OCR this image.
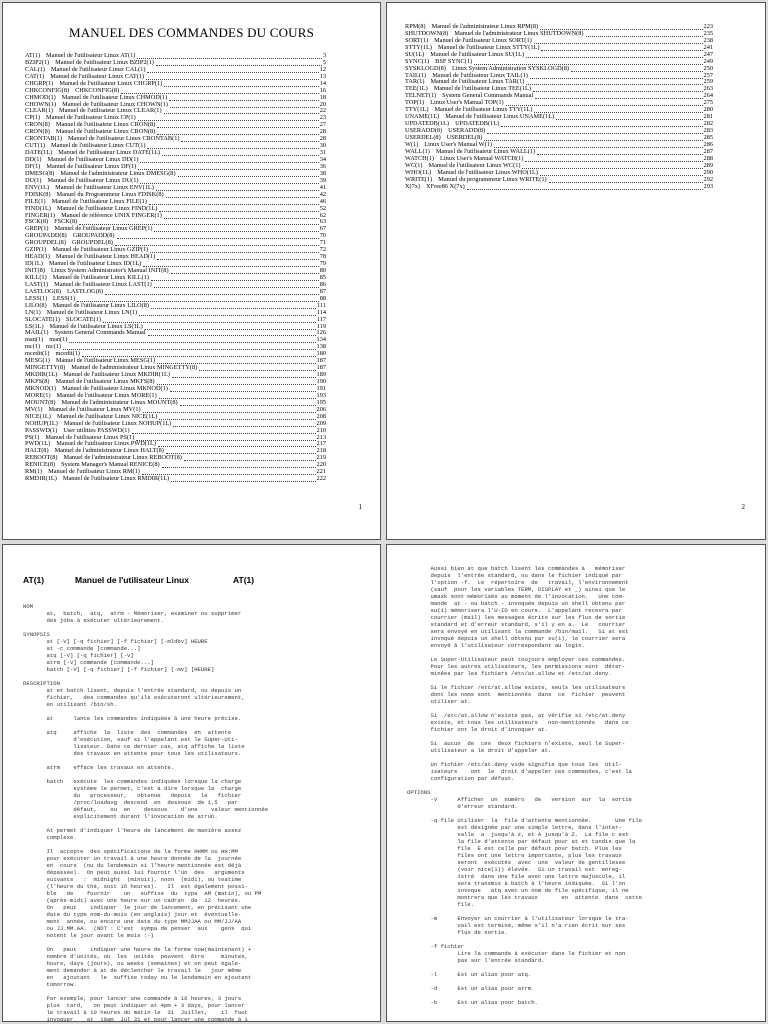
MANUEL DES COMMANDES DU COURS
AT(1) Manuel de l'utilisateur Linux AT(1)	3
BZIP2(1) Manuel de l'utilisateur Linux BZIP2(1)	5
CAL(1) Manuel de l'utilisateur Linux CAL(1)	12
CAT(1) Manuel de l'utilisateur Linux CAT(1)	13
CHGRP(1) Manuel de l'utilisateur Linux CHGRP(1)	14
CHKCONFIG(8) CHKCONFIG(8)	16
CHMOD(1) Manuel de l'utilisateur Linux CHMOD(1)	18
CHOWN(1) Manuel de l'utilisateur Linux CHOWN(1)	20
CLEAR(1) Manuel de l'utilisateur Linux CLEAR(1)	22
CP(1) Manuel de l'utilisateur Linux CP(1)	23
CRON(8) Manuel de l'utilisateur Linux CRON(8)	27
CRON(8) Manuel de l'utilisateur Linux CRON(8)	28
CRONTAB(1) Manuel de l'utilisateur Linux CRONTAB(1)	28
CUT(1) Manuel de l'utilisateur Linux CUT(1)	30
DATE(1L) Manuel de l'utilisateur Linux DATE(1L)	31
DD(1) Manuel de l'utilisateur Linux DD(1)	34
DF(1) Manuel de l'utilisateur Linux DF(1)	36
DMESG(8) Manuel de l'administrateur Linux DMESG(8)	38
DU(1) Manuel de l'utilisateur Linux DU(1)	39
ENV(1L) Manuel de l'utilisateur Linux ENV(1L)	41
FDISK(8) Manuel du Programmeur Linux FDISK(8)	42
FILE(1) Manuel de l'utilisateur Linux FILE(1)	46
FIND(1L) Manuel de l'utilisateur Linux FIND(1L)	52
FINGER(1) Manuel de référence UNIX FINGER(1)	62
FSCK(8) FSCK(8)	63
GREP(1) Manuel de l'utilisateur Linux GREP(1)	67
GROUPADD(8) GROUPADD(8)	70
GROUPDEL(8) GROUPDEL(8)	71
GZIP(1) Manuel de l'utilisateur Linux GZIP(1)	72
HEAD(1) Manuel de l'utilisateur Linux HEAD(1)	78
ID(1L) Manuel de l'utilisateur Linux ID(1L)	79
INIT(8) Linux System Administrator's Manual INIT(8)	80
KILL(1) Manuel de l'utilisateur Linux KILL(1)	85
LAST(1) Manuel de l'utilisateur Linux LAST(1)	86
LASTLOG(8) LASTLOG(8)	87
LESS(1) LESS(1)	88
LILO(8) Manuel de l'utilisateur Linux LILO(8)	111
LN(1) Manuel de l'utilisateur Linux LN(1)	114
SLOCATE(1) SLOCATE(1)	117
LS(1L) Manuel de l'utilisateur Linux LS(1L)	119
MAIL(1) System General Commands Manual	126
man(1) man(1)	134
mc(1) mc(1)	138
mcedit(1) mcedit(1)	180
MESG(1) Manuel de l'utilisateur Linux MESG(1)	187
MINGETTY(8) Manuel de l'administrateur Linux MINGETTY(8)	187
MKDIR(1L) Manuel de l'utilisateur Linux MKDIR(1L)	189
MKFS(8) Manuel de l'utilisateur Linux MKFS(8)	190
MKNOD(1) Manuel de l'utilisateur Linux MKNOD(1)	191
MORE(1) Manuel de l'utilisateur Linux MORE(1)	193
MOUNT(8) Manuel de l'administrateur Linux MOUNT(8)	195
MV(1) Manuel de l'utilisateur Linux MV(1)	206
NICE(1L) Manuel de l'utilisateur Linux NICE(1L)	208
NOHUP(1L) Manuel de l'utilisateur Linux NOHUP(1L)	209
PASSWD(1) User utilities PASSWD(1)	210
PS(1) Manuel de l'utilisateur Linux PS(1)	213
PWD(1L) Manuel de l'utilisateur Linux PWD(1L)	217
HALT(8) Manuel de l'administrateur Linux HALT(8)	218
REBOOT(8) Manuel de l'administrateur Linux REBOOT(8)	219
RENICE(8) System Manager's Manual RENICE(8)	220
RM(1) Manuel de l'utilisateur Linux RM(1)	221
RMDIR(1L) Manuel de l'utilisateur Linux RMDIR(1L)	222
1
RPM(8) Manuel de l'administrateur Linux RPM(8)	223
SHUTDOWN(8) Manuel de l'administrateur Linux SHUTDOWN(8)	235
SORT(1) Manuel de l'utilisateur Linux SORT(1)	238
STTY(1L) Manuel de l'utilisateur Linux STTY(1L)	241
SU(1L) Manuel de l'utilisateur Linux SU(1L)	247
SYNC(1) BSF SYNC(1)	249
SYSKLOGD(8) Linux System Administration SYSKLOGD(8)	250
TAIL(1) Manuel de l'utilisateur Linux TAIL(1)	257
TAR(1) Manuel de l'utilisateur Linux TAR(1)	259
TEE(1L) Manuel de l'utilisateur Linux TEE(1L)	263
TELNET(1) System General Commands Manual	264
TOP(1) Linux User's Manual TOP(1)	275
TTY(1L) Manuel de l'utilisateur Linux TTY(1L)	280
UNAME(1L) Manuel de l'utilisateur Linux UNAME(1L)	281
UPDATEDB(1L) UPDATEDB(1L)	282
USERADD(8) USERADD(8)	283
USERDEL(8) USERDEL(8)	285
W(1) Linux User's Manual W(1)	286
WALL(1) Manuel de l'utilisateur Linux WALL(1)	287
WATCH(1) Linux User's Manual WATCH(1)	288
WC(1) Manuel de l'utilisateur Linux WC(1)	289
WHO(1L) Manuel de l'utilisateur Linux WHO(1L)	290
WRITE(1) Manuel du programmeur Linux WRITE(1)	292
X(7x) XFree86 X(7x)	293
2
AT(1)	Manuel de l'utilisateur Linux	AT(1)
NOM
at,  batch,  atq,  atrm - Mémoriser, examiner ou supprimer
des jobs à exécuter ultérieurement.

SYNOPSIS
at [-V] [-q fichier] [-f fichier] [-mldbv] HEURE
at -c commande [commande...]
atq [-V] [-q fichier] [-v]
atrm [-V] commande [commande...]
batch [-V] [-q fichier] [-f fichier] [-mv] [HEURE]

DESCRIPTION
at et batch lisent, depuis l'entrée standard, ou depuis un
fichier,   des commandes qu'ils exécuteront ultérieurement,
en utilisant /bin/sh.

at      lance les commandes indiquées à une heure précise.

atq     affiche  la  liste  des  commandes  en  attente
d'exécution, sauf si l'appelant est le Super-Uti-
lisateur. Dans ce dernier cas, atq affiche la liste
des travaux en attente pour tous les utilisateurs.

atrm    efface les travaux en attente.

batch   exécute  les commandes indiquées lorsque la charge
système le permet, c'est à dire lorsque la  charge
du   processeur,   obtenue   depuis   le   fichier
/proc/loadavg  descend  en  dessous  de 1,5   par
défaut,    ou  en    dessous    d'une    valeur mentionnée
explicitement durant l'invocation de atrun.

At permet d'indiquer l'heure de lancement de manière assez
complexe.

Il  accepte  des spécifications de la forme HHMM ou HH:MM
pour exécuter un travail à une heure donnée de la  journée
en  cours  (ou du lendemain si l'heure mentionnée est déjà
dépassée).  On peut aussi lui fournir l'un  des   arguments
suivants   :  midnight  (minuit), noon  (midi), ou teatime
(l'heure du thé, soit 16 heures).   Il  est également possi-
ble   de    fournir    un   suffixe  du  type  AM (matin), ou PM
(après-midi) avec une heure sur un cadran  de  12  heures.
On   peut    indiquer  le jour de lancement, en précisant une
date du type nom-du-mois (en anglais) jour et  éventuelle-
ment  année, ou encore une date du type MMJJAA ou MM/JJ/AA
ou JJ.MM.AA.  (NDT : C'est  sympa de penser  aux    gens  qui
notent le jour avant le mois :-)

On   peut    indiquer une heure de la forme now(maintenant) +
nombre d'unités, où  les  unités  peuvent  être     minutes,
hours, days (jours), ou weeks (semaines) et on peut égale-
ment demander à at de déclencher le travail le   jour même
en   ajoutant   le  suffixe today ou le lendemain en ajoutant
tomorrow.

Par exemple, pour lancer une commande à 16 heures, 3 jours
plus  tard,   on peut indiquer at 4pm + 3 days, pour lancer
le travail à 10 heures du matin le  31  Juillet,    il  faut
invoquer    at  10am  Jul 31 et pour lancer une commande à 1
Aussi bien at que batch lisent les commandes à   mémoriser
depuis  l'entrée standard, ou dans le fichier indiqué par
l'option -f.  Le  répertoire  de   travail, l'environnement
(sauf  pour les variables TERM, DISPLAY et _) ainsi que le
umask sont mémorisés au moment de l'invocation.   Une com-
mande  at - ou batch - invoquée depuis un shell obtenu par
su(1) mémorisera l'U-ID en cours.  L'appelant recevra par
courrier (mail) les messages écrits sur les flux de sortie
standard et d'erreur standard, s'il y en a.  Le   courrier
sera envoyé en utilisant la commande /bin/mail.   Si at est
invoqué depuis un shell obtenu par su(1), le courrier sera
envoyé à l'utilisateur correspondant au login.

Le Super-Utilisateur peut toujours employer ces commandes.
Pour les autres utilisateurs, les permissions sont  déter-
minées par les fichiers /etc/at.allow et /etc/at.deny.

Si le fichier /etc/at.allow existe, seuls les utilisateurs
dont les noms sont  mentionnés  dans  ce  fichier  peuvent
utiliser at.

Si  /etc/at.allow n'existe pas, at vérifie si /etc/at.deny
existe, et tous les utilisateurs   non-mentionnés   dans ce
fichier ont le droit d'invoquer at.

Si  aucun  de  ces  deux fichiers n'existe, seul le Super-
utilisateur a le droit d'appeler at.

Un fichier /etc/at.deny vide signifie que tous les  util-
isateurs    ont  le  droit d'appeler ces commandes, c'est la
configuration par défaut.

OPTIONS
-V      Afficher  un  numéro   de   version  sur  la  sortie
d'erreur standard.

-q file Utiliser  la  file d'attente mentionnée.       Une file
est désignée par une simple lettre, dans l'inter-
valle  a  jusqu'à z, et A jusqu'à Z.  La file c est
la file d'attente par défaut pour at et tandis que la
file  E est celle par défaut pour batch. Plus les
files ont une lettre importante, plus les travaux
seront  exécutés  avec  une  valeur de gentillesse
(voir nice(1)) élevée.  Si un travail est  enreg-
istré  dans une file avec une lettre majuscule, il
sera transmis à batch à l'heure indiquée.  Si l'on
invoque   atq avec un nom de file spécifique, il ne
montrera que les travaux       en  attente  dans  cette
file.

-m      Envoyer un courrier à l'utilisateur lorsque le tra-
vail est terminé, même s'il n'a rien écrit sur ses
flux de sortie.

-f fichier
Lire la commande à exécuter dans le fichier et non
pas sur l'entrée standard.

-l      Est un alias pour atq.

-d      Est un alias pour atrm.

-b      Est un alias pour batch.
